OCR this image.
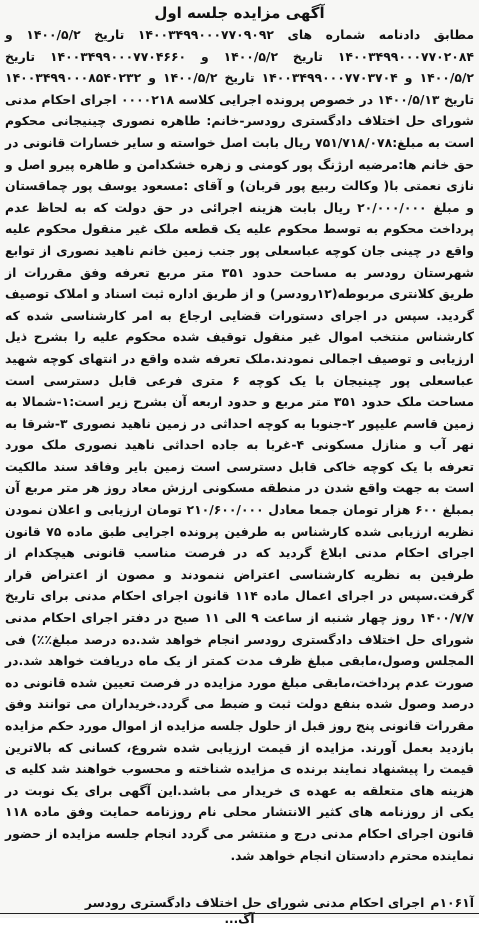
آگهی مزایده جلسه اول

مطابق دادنامه شماره های ۱۴۰۰۳۴۹۹۰۰۰۷۷۰۹۰۹۲ تاریخ ۱۴۰۰/۵/۲ و ۱۴۰۰۳۴۹۹۰۰۰۷۷۰۲۰۸۴ تاریخ ۱۴۰۰/۵/۲ و ۱۴۰۰۳۴۹۹۰۰۰۷۷۰۴۶۶۰ تاریخ ۱۴۰۰/۵/۲ و ۱۴۰۰۳۴۹۹۰۰۰۷۷۰۳۷۰۴ تاریخ ۱۴۰۰/۵/۲ و ۱۴۰۰۳۴۹۹۰۰۰۸۵۴۰۲۳۲ تاریخ ۱۴۰۰/۵/۱۳ در خصوص پرونده اجرایی کلاسه ۰۰۰۰۲۱۸ اجرای احکام مدنی شورای حل اختلاف دادگستری رودسر-خانم: طاهره نصوری چینیجانی محکوم است به مبلغ:۷۵۱/۷۱۸/۰۷۸ ریال بابت اصل خواسته و سایر خسارات قانونی در حق خانم ها:مرضیه ارژنگ پور کومنی و زهره خشکدامن و طاهره پیرو اصل و نازی نعمتی با( وکالت ربیع پور قربان) و آقای :مسعود یوسف پور چماقستان و مبلغ ۲۰/۰۰۰/۰۰۰ ریال بابت هزینه اجرائی در حق دولت که به لحاظ عدم پرداخت محکوم به توسط محکوم علیه یک قطعه ملک غیر منقول محکوم علیه واقع در چینی جان کوچه عباسعلی پور جنب زمین خانم ناهید نصوری از توابع شهرستان رودسر به مساحت حدود ۳۵۱ متر مربع تعرفه وفق مقررات از طریق کلانتری مربوطه(۱۲رودسر) و از طریق اداره ثبت اسناد و املاک توصیف گردید. سپس در اجرای دستورات قضایی ارجاع به امر کارشناسی شده که کارشناس منتخب اموال غیر منقول توقیف شده محکوم علیه را بشرح ذیل ارزیابی و توصیف اجمالی نمودند.ملک تعرفه شده واقع در انتهای کوچه شهید عباسعلی پور چینیجان با یک کوچه ۶ متری فرعی قابل دسترسی است مساحت ملک حدود ۳۵۱ متر مربع و حدود اربعه آن بشرح زیر است:۱-شمالا به زمین قاسم علیپور ۲-جنوبا به کوچه احداثی در زمین ناهید نصوری ۳-شرقا به نهر آب و منازل مسکونی ۴-غربا به جاده احداثی ناهید نصوری ملک مورد تعرفه با یک کوچه خاکی قابل دسترسی است زمین بایر وفاقد سند مالکیت است به جهت واقع شدن در منطقه مسکونی ارزش معاد روز هر متر مربع آن بمبلغ ۶۰۰ هزار تومان جمعا معادل ۲۱۰/۶۰۰/۰۰۰ تومان ارزیابی و اعلان نمودن نظریه ارزیابی شده کارشناس به طرفین پرونده اجرایی طبق ماده ۷۵ قانون اجرای احکام مدنی ابلاغ گردید که در فرصت مناسب قانونی هیچکدام از طرفین به نظریه کارشناسی اعتراض ننمودند و مصون از اعتراض قرار گرفت.سپس در اجرای اعمال ماده ۱۱۴ قانون اجرای احکام مدنی برای تاریخ ۱۴۰۰/۷/۷ روز چهار شنبه از ساعت ۹ الی ۱۱ صبح در دفتر اجرای احکام مدنی شورای حل اختلاف دادگستری رودسر انجام خواهد شد.ده درصد مبلغ٪٪) فی المجلس وصول،مابقی مبلغ ظرف مدت کمتر از یک ماه دریافت خواهد شد.در صورت عدم پرداخت،مابقی مبلغ مورد مزایده در فرصت تعیین شده قانونی ده درصد وصول شده بنفع دولت ثبت و ضبط می گردد.خریداران می توانند وفق مقررات قانونی پنج روز قبل از حلول جلسه مزایده از اموال مورد حکم مزایده بازدید بعمل آورند. مزایده از قیمت ارزیابی شده شروع، کسانی که بالاترین قیمت را پیشنهاد نمایند برنده ی مزایده شناخته و محسوب خواهند شد کلیه ی هزینه های متعلقه به عهده ی خریدار می باشد.این آگهی برای یک نوبت در یکی از روزنامه های کثیر الانتشار محلی نام روزنامه حمایت وفق ماده ۱۱۸ قانون اجرای احکام مدنی درج و منتشر می گردد انجام جلسه مزایده از حضور نماینده محترم دادستان انجام خواهد شد.

آ۱۰۶۱م
اجرای احکام مدنی شورای حل اختلاف دادگستری رودسر
آگ‌...
